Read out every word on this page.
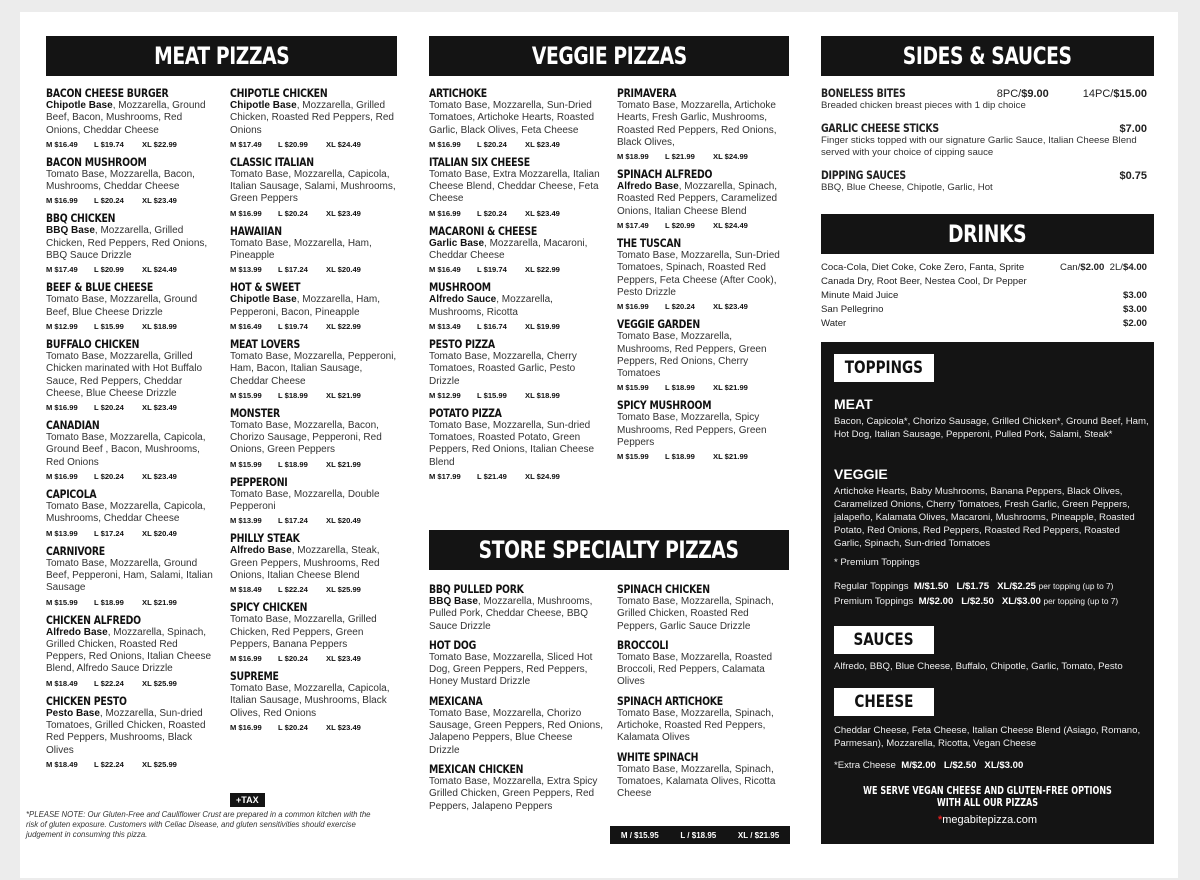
MEAT PIZZAS	VEGGIE PIZZAS	SIDES & SAUCES
DRINKS
STORE SPECIALTY PIZZAS
BACON CHEESE BURGER
Chipotle Base, Mozzarella, Ground Beef, Bacon, Mushrooms, Red Onions, Cheddar Cheese
M $16.49 L $19.74 XL $22.99
BACON MUSHROOM
Tomato Base, Mozzarella, Bacon, Mushrooms, Cheddar Cheese
M $16.99 L $20.24 XL $23.49
BBQ CHICKEN
BBQ Base, Mozzarella, Grilled Chicken, Red Peppers, Red Onions, BBQ Sauce Drizzle
M $17.49 L $20.99 XL $24.49
BEEF & BLUE CHEESE
Tomato Base, Mozzarella, Ground Beef, Blue Cheese Drizzle
M $12.99 L $15.99 XL $18.99
BUFFALO CHICKEN
Tomato Base, Mozzarella, Grilled Chicken marinated with Hot Buffalo Sauce, Red Peppers, Cheddar Cheese, Blue Cheese Drizzle
M $16.99 L $20.24 XL $23.49
CANADIAN
Tomato Base, Mozzarella, Capicola, Ground Beef , Bacon, Mushrooms, Red Onions
M $16.99 L $20.24 XL $23.49
CAPICOLA
Tomato Base, Mozzarella, Capicola, Mushrooms, Cheddar Cheese
M $13.99 L $17.24 XL $20.49
CARNIVORE
Tomato Base, Mozzarella, Ground Beef, Pepperoni, Ham, Salami, Italian Sausage
M $15.99 L $18.99 XL $21.99
CHICKEN ALFREDO
Alfredo Base, Mozzarella, Spinach, Grilled Chicken, Roasted Red Peppers, Red Onions, Italian Cheese Blend, Alfredo Sauce Drizzle
M $18.49 L $22.24 XL $25.99
CHICKEN PESTO
Pesto Base, Mozzarella, Sun-dried Tomatoes, Grilled Chicken, Roasted Red Peppers, Mushrooms, Black Olives
M $18.49 L $22.24 XL $25.99
CHIPOTLE CHICKEN
Chipotle Base, Mozzarella, Grilled Chicken, Roasted Red Peppers, Red Onions
M $17.49 L $20.99 XL $24.49
CLASSIC ITALIAN
Tomato Base, Mozzarella, Capicola, Italian Sausage, Salami, Mushrooms, Green Peppers
M $16.99 L $20.24 XL $23.49
HAWAIIAN
Tomato Base, Mozzarella, Ham, Pineapple
M $13.99 L $17.24 XL $20.49
HOT & SWEET
Chipotle Base, Mozzarella, Ham, Pepperoni, Bacon, Pineapple
M $16.49 L $19.74 XL $22.99
MEAT LOVERS
Tomato Base, Mozzarella, Pepperoni, Ham, Bacon, Italian Sausage, Cheddar Cheese
M $15.99 L $18.99 XL $21.99
MONSTER
Tomato Base, Mozzarella, Bacon, Chorizo Sausage, Pepperoni, Red Onions, Green Peppers
M $15.99 L $18.99 XL $21.99
PEPPERONI
Tomato Base, Mozzarella, Double Pepperoni
M $13.99 L $17.24 XL $20.49
PHILLY STEAK
Alfredo Base, Mozzarella, Steak, Green Peppers, Mushrooms, Red Onions, Italian Cheese Blend
M $18.49 L $22.24 XL $25.99
SPICY CHICKEN
Tomato Base, Mozzarella, Grilled Chicken, Red Peppers, Green Peppers, Banana Peppers
M $16.99 L $20.24 XL $23.49
SUPREME
Tomato Base, Mozzarella, Capicola, Italian Sausage, Mushrooms, Black Olives, Red Onions
M $16.99 L $20.24 XL $23.49
ARTICHOKE
Tomato Base, Mozzarella, Sun-Dried Tomatoes, Artichoke Hearts, Roasted Garlic, Black Olives, Feta Cheese
M $16.99 L $20.24 XL $23.49
ITALIAN SIX CHEESE
Tomato Base, Extra Mozzarella, Italian Cheese Blend, Cheddar Cheese, Feta Cheese
M $16.99 L $20.24 XL $23.49
MACARONI & CHEESE
Garlic Base, Mozzarella, Macaroni, Cheddar Cheese
M $16.49 L $19.74 XL $22.99
MUSHROOM
Alfredo Sauce, Mozzarella, Mushrooms, Ricotta
M $13.49 L $16.74 XL $19.99
PESTO PIZZA
Tomato Base, Mozzarella, Cherry Tomatoes, Roasted Garlic, Pesto Drizzle
M $12.99 L $15.99 XL $18.99
POTATO PIZZA
Tomato Base, Mozzarella, Sun-dried Tomatoes, Roasted Potato, Green Peppers, Red Onions, Italian Cheese Blend
M $17.99 L $21.49 XL $24.99
PRIMAVERA
Tomato Base, Mozzarella, Artichoke Hearts, Fresh Garlic, Mushrooms, Roasted Red Peppers, Red Onions, Black Olives,
M $18.99 L $21.99 XL $24.99
SPINACH ALFREDO
Alfredo Base, Mozzarella, Spinach, Roasted Red Peppers, Caramelized Onions, Italian Cheese Blend
M $17.49 L $20.99 XL $24.49
THE TUSCAN
Tomato Base, Mozzarella, Sun-Dried Tomatoes, Spinach, Roasted Red Peppers, Feta Cheese (After Cook), Pesto Drizzle
M $16.99 L $20.24 XL $23.49
VEGGIE GARDEN
Tomato Base, Mozzarella, Mushrooms, Red Peppers, Green Peppers, Red Onions, Cherry Tomatoes
M $15.99 L $18.99 XL $21.99
SPICY MUSHROOM
Tomato Base, Mozzarella, Spicy Mushrooms, Red Peppers, Green Peppers
M $15.99 L $18.99 XL $21.99
BBQ PULLED PORK
BBQ Base, Mozzarella, Mushrooms, Pulled Pork, Cheddar Cheese, BBQ Sauce Drizzle
HOT DOG
Tomato Base, Mozzarella, Sliced Hot Dog, Green Peppers, Red Peppers, Honey Mustard Drizzle
MEXICANA
Tomato Base, Mozzarella, Chorizo Sausage, Green Peppers, Red Onions, Jalapeno Peppers, Blue Cheese Drizzle
MEXICAN CHICKEN
Tomato Base, Mozzarella, Extra Spicy Grilled Chicken, Green Peppers, Red Peppers, Jalapeno Peppers
SPINACH CHICKEN
Tomato Base, Mozzarella, Spinach, Grilled Chicken, Roasted Red Peppers, Garlic Sauce Drizzle
BROCCOLI
Tomato Base, Mozzarella, Roasted Broccoli, Red Peppers, Calamata Olives
SPINACH ARTICHOKE
Tomato Base, Mozzarella, Spinach, Artichoke, Roasted Red Peppers, Kalamata Olives
WHITE SPINACH
Tomato Base, Mozzarella, Spinach, Tomatoes, Kalamata Olives, Ricotta Cheese
+TAX
*PLEASE NOTE: Our Gluten-Free and Cauliflower Crust are prepared in a common kitchen with the risk of gluten exposure. Customers with Celiac Disease, and gluten sensitivities should exercise judgement in consuming this pizza.	M / $15.95	L / $18.95	XL / $21.95
BONELESS BITES	8PC/$9.00	14PC/$15.00
Breaded chicken breast pieces with 1 dip choice
GARLIC CHEESE STICKS	$7.00
Finger sticks topped with our signature Garlic Sauce, Italian Cheese Blend served with your choice of cipping sauce
DIPPING SAUCES	$0.75
BBQ, Blue Cheese, Chipotle, Garlic, Hot
Coca-Cola, Diet Coke, Coke Zero, Fanta, Sprite	Can/$2.00 2L/$4.00
Canada Dry, Root Beer, Nestea Cool, Dr Pepper
Minute Maid Juice	$3.00
San Pellegrino	$3.00
Water	$2.00
TOPPINGS
MEAT
Bacon, Capicola*, Chorizo Sausage, Grilled Chicken*, Ground Beef, Ham, Hot Dog, Italian Sausage, Pepperoni, Pulled Pork, Salami, Steak*
VEGGIE
Artichoke Hearts, Baby Mushrooms, Banana Peppers, Black Olives, Caramelized Onions, Cherry Tomatoes, Fresh Garlic, Green Peppers, jalapeño, Kalamata Olives, Macaroni, Mushrooms, Pineapple, Roasted Potato, Red Onions, Red Peppers, Roasted Red Peppers, Roasted Garlic, Spinach, Sun-dried Tomatoes
* Premium Toppings
Regular Toppings M/$1.50 L/$1.75 XL/$2.25 per topping (up to 7)
Premium Toppings M/$2.00 L/$2.50 XL/$3.00 per topping (up to 7)
SAUCES
Alfredo, BBQ, Blue Cheese, Buffalo, Chipotle, Garlic, Tomato, Pesto
CHEESE
Cheddar Cheese, Feta Cheese, Italian Cheese Blend (Asiago, Romano, Parmesan), Mozzarella, Ricotta, Vegan Cheese
*Extra Cheese M/$2.00 L/$2.50 XL/$3.00
WE SERVE VEGAN CHEESE AND GLUTEN-FREE OPTIONS WITH ALL OUR PIZZAS
*megabitepizza.com
